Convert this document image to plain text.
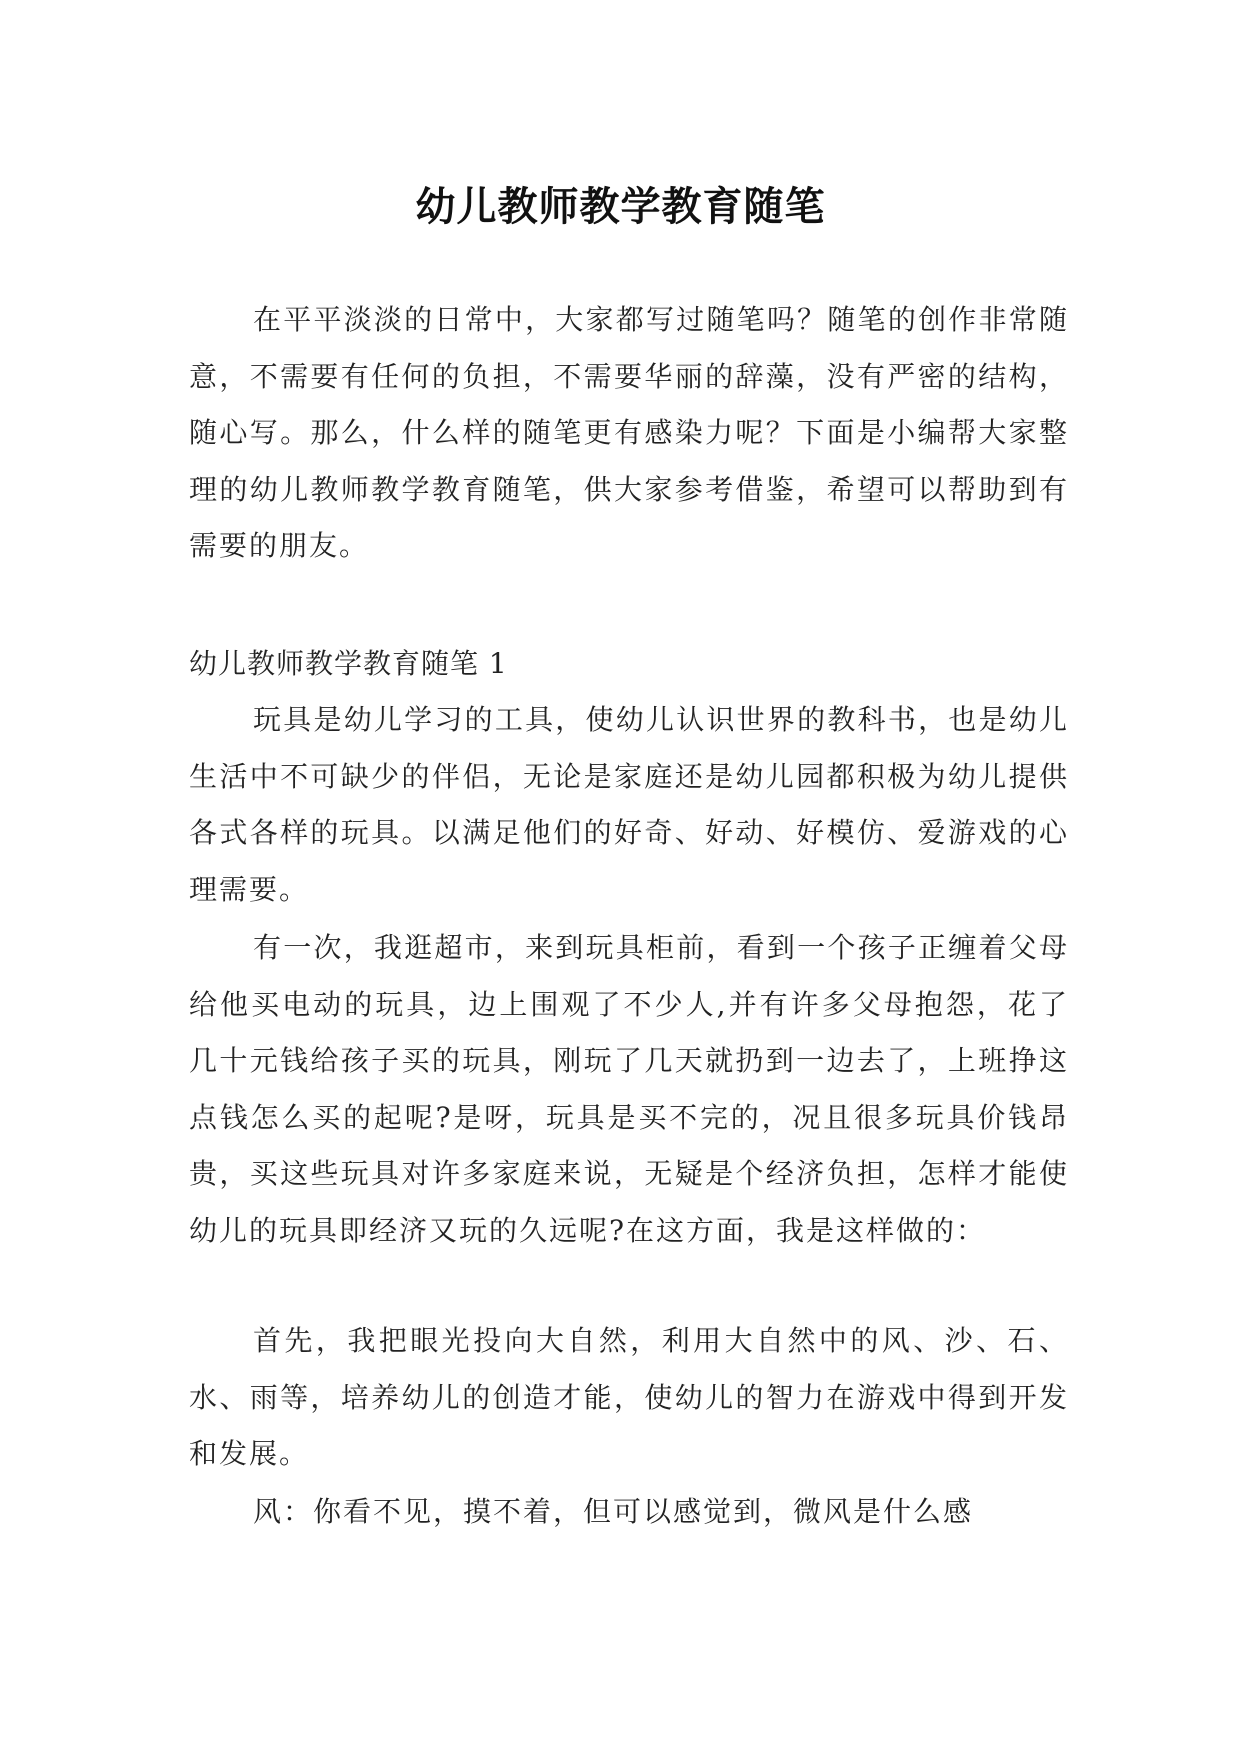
幼儿教师教学教育随笔

在平平淡淡的日常中，大家都写过随笔吗？随笔的创作非常随意，不需要有任何的负担，不需要华丽的辞藻，没有严密的结构，随心写。那么，什么样的随笔更有感染力呢？下面是小编帮大家整理的幼儿教师教学教育随笔，供大家参考借鉴，希望可以帮助到有需要的朋友。

幼儿教师教学教育随笔 1

玩具是幼儿学习的工具，使幼儿认识世界的教科书，也是幼儿生活中不可缺少的伴侣，无论是家庭还是幼儿园都积极为幼儿提供各式各样的玩具。以满足他们的好奇、好动、好模仿、爱游戏的心理需要。

有一次，我逛超市，来到玩具柜前，看到一个孩子正缠着父母给他买电动的玩具，边上围观了不少人,并有许多父母抱怨，花了几十元钱给孩子买的玩具，刚玩了几天就扔到一边去了，上班挣这点钱怎么买的起呢?是呀，玩具是买不完的，况且很多玩具价钱昂贵，买这些玩具对许多家庭来说，无疑是个经济负担，怎样才能使幼儿的玩具即经济又玩的久远呢?在这方面，我是这样做的：

首先，我把眼光投向大自然，利用大自然中的风、沙、石、水、雨等，培养幼儿的创造才能，使幼儿的智力在游戏中得到开发和发展。

风：你看不见，摸不着，但可以感觉到，微风是什么感
